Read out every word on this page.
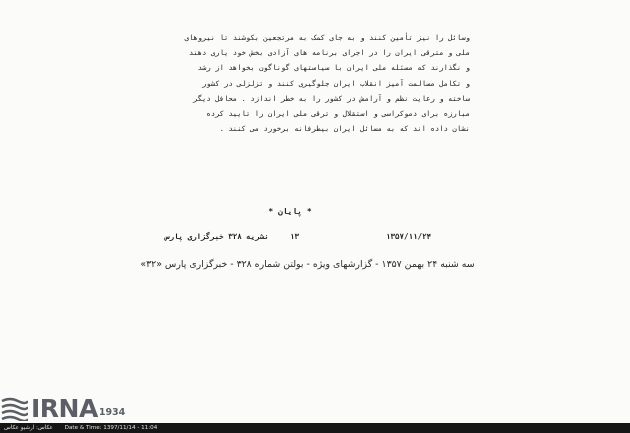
وسائل را نیز تأمین کنند و به جای کمک به مرتجعین بکوشند تا نیروهای
ملی و مترقی ایران را در اجرای برنامه های آزادی بخش خود یاری دهند
و نگذارند که مسئله ملی ایران با سیاستهای گوناگون بخواهد از رشد
و تکامل مسالمت آمیز انقلاب ایران جلوگیری کنند و تزلزلی در کشور
ساخته و رعایت نظم و آرامش در کشور را به خطر اندازد . محافل دیگر
مبارزه برای دموکراسی و استقلال و ترقی ملی ایران را تایید کرده
نشان داده اند که به مسائل ایران بیطرفانه برخورد می کنند .
* پایان *
۱۳۵۷/۱۱/۲۴
۱۳
نشریه ۳۲۸ خبرگزاری پارس
سه شنبه ۲۴ بهمن ۱۳۵۷ - گزارشهای ویژه - بولتن شماره ۳۲۸ - خبرگزاری پارس «۳۲»
IRNA 1934
عکاس: ارشیو عکاس Date & Time: 1397/11/14 - 11:04
